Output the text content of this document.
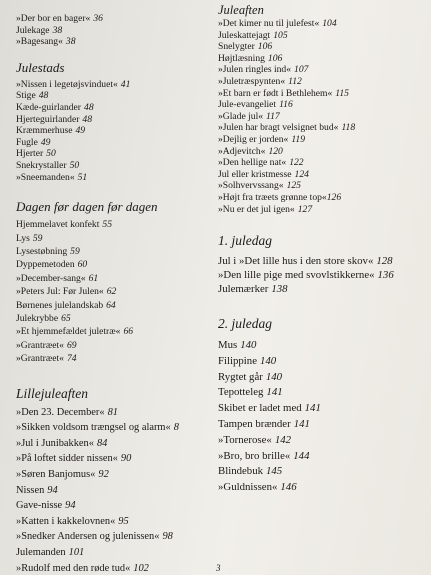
»Der bor en bager« 36
Julekage 38
»Bagesang« 38
Julestads
»Nissen i legetøjsvinduet« 41
Stige 48
Kæde-guirlander 48
Hjerteguirlander 48
Kræmmerhuse 49
Fugle 49
Hjerter 50
Snekrystaller 50
»Sneemanden« 51
Dagen før dagen før dagen
Hjemmelavet konfekt 55
Lys 59
Lysestøbning 59
Dyppemetoden 60
»December-sang« 61
»Peters Jul: Før Julen« 62
Børnenes julelandskab 64
Julekrybbe 65
»Et hjemmefældet juletræ« 66
»Grantræet« 69
»Grantræet« 74
Lillejuleaften
»Den 23. December« 81
»Sikken voldsom trængsel og alarm« 8
»Jul i Junibakken« 84
»På loftet sidder nissen« 90
»Søren Banjomus« 92
Nissen 94
Gave-nisse 94
»Katten i kakkelovnen« 95
»Snedker Andersen og julenissen« 98
Julemanden 101
»Rudolf med den røde tud« 102
Juleaften
»Det kimer nu til julefest« 104
Juleskattejagt 105
Snelygter 106
Højtlæsning 106
»Julen ringles ind« 107
»Juletræspynten« 112
»Et barn er født i Bethlehem« 115
Jule-evangeliet 116
»Glade jul« 117
»Julen har bragt velsignet bud« 118
»Dejlig er jorden« 119
»Adjevitch« 120
»Den hellige nat« 122
Jul eller kristmesse 124
»Solhvervssang« 125
»Højt fra træets grønne top«126
»Nu er det jul igen« 127
1. juledag
Jul i »Det lille hus i den store skov« 128
»Den lille pige med svovlstikkerne« 136
Julemærker 138
2. juledag
Mus 140
Filippine 140
Rygtet går 140
Tepotteleg 141
Skibet er ladet med 141
Tampen brænder 141
»Tornerose« 142
»Bro, bro brille« 144
Blindebuk 145
»Guldnissen« 146
3
